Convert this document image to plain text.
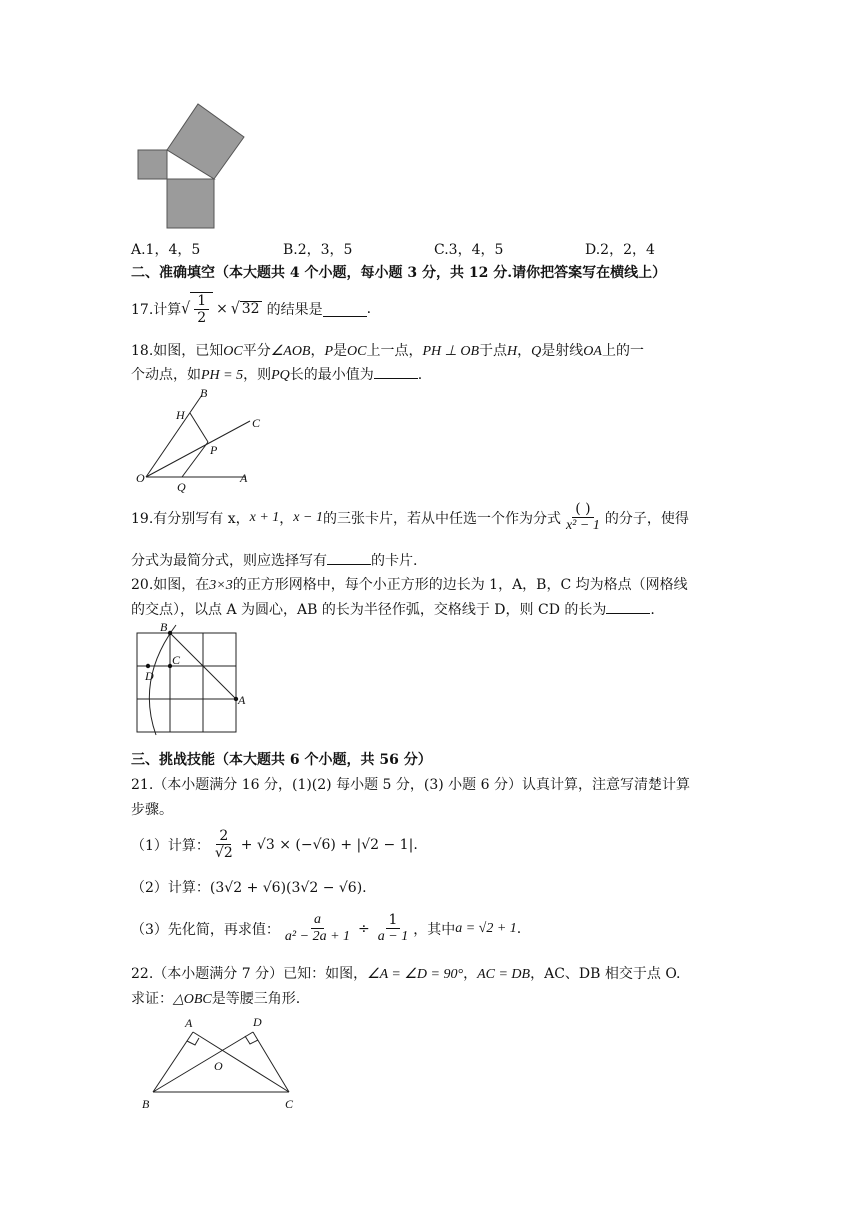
A.1，4，5	B.2，3，5	C.3，4，5	D.2，2，4
二、准确填空（本大题共 4 个小题，每小题 3 分，共 12 分.请你把答案写在横线上）
17.计算 √ $\frac{1}{2}$ × √ 32 的结果是	.
18.如图，已知OC平分∠AOB，P是OC上一点，PH ⊥ OB于点H，Q是射线OA上的一
个动点，如PH = 5，则PQ长的最小值为	.
B
H
C
P
O
Q
A
19.有分别写有 x， x + 1 ， x − 1 的三张卡片，若从中任选一个作为分式 $\frac{( )}{\text{x² − 1}}$ 的分子，使得
分式为最简分式，则应选择写有	的卡片.
20.如图，在3×3的正方形网格中，每个小正方形的边长为 1，A，B，C 均为格点（网格线
的交点），以点 A 为圆心，AB 的长为半径作弧，交格线于 D，则 CD 的长为	.
B
C
D
A
三、挑战技能（本大题共 6 个小题，共 56 分）
21.（本小题满分 16 分，(1)(2) 每小题 5 分，(3) 小题 6 分）认真计算，注意写清楚计算
步骤。
（1）计算： $\frac{2}{√2} + √3 \times (-√6) + |√2 - 1|$ .
（2）计算：(3√2 + √6)(3√2 − √6).
（3）先化简，再求值： $\frac{a}{\text{a² − 2a + 1}} \div \frac{1}{a - 1}$ ，其中 a = √2 + 1 .
22.（本小题满分 7 分）已知：如图，∠A = ∠D = 90°，AC = DB，AC、DB 相交于点 O.
求证：△OBC是等腰三角形.
A	D
O
B	C
